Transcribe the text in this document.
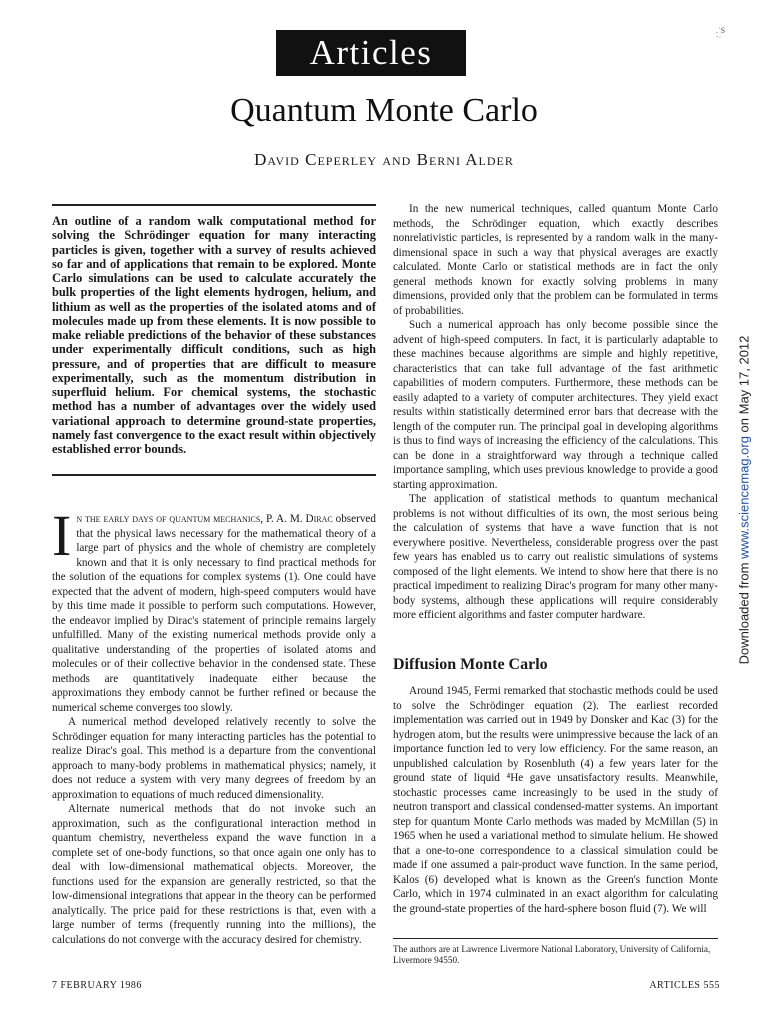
Articles
.˙S
`˙
Quantum Monte Carlo
David Ceperley and Berni Alder

An outline of a random walk computational method for solving the Schrödinger equation for many interacting particles is given, together with a survey of results achieved so far and of applications that remain to be explored. Monte Carlo simulations can be used to calculate accurately the bulk properties of the light elements hydrogen, helium, and lithium as well as the properties of the isolated atoms and of molecules made up from these elements. It is now possible to make reliable predictions of the behavior of these substances under experimentally difficult conditions, such as high pressure, and of properties that are difficult to measure experimentally, such as the momentum distribution in superfluid helium. For chemical systems, the stochastic method has a number of advantages over the widely used variational approach to determine ground-state properties, namely fast convergence to the exact result within objectively established error bounds.

In the early days of quantum mechanics, P. A. M. Dirac observed that the physical laws necessary for the mathematical theory of a large part of physics and the whole of chemistry are completely known and that it is only necessary to find practical methods for the solution of the equations for complex systems (1). One could have expected that the advent of modern, high-speed computers would have by this time made it possible to perform such computations. However, the endeavor implied by Dirac's statement of principle remains largely unfulfilled. Many of the existing numerical methods provide only a qualitative understanding of the properties of isolated atoms and molecules or of their collective behavior in the condensed state. These methods are quantitatively inadequate either because the approximations they embody cannot be further refined or because the numerical scheme converges too slowly.

A numerical method developed relatively recently to solve the Schrödinger equation for many interacting particles has the potential to realize Dirac's goal. This method is a departure from the conventional approach to many-body problems in mathematical physics; namely, it does not reduce a system with very many degrees of freedom by an approximation to equations of much reduced dimensionality.

Alternate numerical methods that do not invoke such an approximation, such as the configurational interaction method in quantum chemistry, nevertheless expand the wave function in a complete set of one-body functions, so that once again one only has to deal with low-dimensional mathematical objects. Moreover, the functions used for the expansion are generally restricted, so that the low-dimensional integrations that appear in the theory can be performed analytically. The price paid for these restrictions is that, even with a large number of terms (frequently running into the millions), the calculations do not converge with the accuracy desired for chemistry.

In the new numerical techniques, called quantum Monte Carlo methods, the Schrödinger equation, which exactly describes nonrelativistic particles, is represented by a random walk in the many-dimensional space in such a way that physical averages are exactly calculated. Monte Carlo or statistical methods are in fact the only general methods known for exactly solving problems in many dimensions, provided only that the problem can be formulated in terms of probabilities.

Such a numerical approach has only become possible since the advent of high-speed computers. In fact, it is particularly adaptable to these machines because algorithms are simple and highly repetitive, characteristics that can take full advantage of the fast arithmetic capabilities of modern computers. Furthermore, these methods can be easily adapted to a variety of computer architectures. They yield exact results within statistically determined error bars that decrease with the length of the computer run. The principal goal in developing algorithms is thus to find ways of increasing the efficiency of the calculations. This can be done in a straightforward way through a technique called importance sampling, which uses previous knowledge to provide a good starting approximation.

The application of statistical methods to quantum mechanical problems is not without difficulties of its own, the most serious being the calculation of systems that have a wave function that is not everywhere positive. Nevertheless, considerable progress over the past few years has enabled us to carry out realistic simulations of systems composed of the light elements. We intend to show here that there is no practical impediment to realizing Dirac's program for many other many-body systems, although these applications will require considerably more efficient algorithms and faster computer hardware.

Diffusion Monte Carlo

Around 1945, Fermi remarked that stochastic methods could be used to solve the Schrödinger equation (2). The earliest recorded implementation was carried out in 1949 by Donsker and Kac (3) for the hydrogen atom, but the results were unimpressive because the lack of an importance function led to very low efficiency. For the same reason, an unpublished calculation by Rosenbluth (4) a few years later for the ground state of liquid ⁴He gave unsatisfactory results. Meanwhile, stochastic processes came increasingly to be used in the study of neutron transport and classical condensed-matter systems. An important step for quantum Monte Carlo methods was maded by McMillan (5) in 1965 when he used a variational method to simulate helium. He showed that a one-to-one correspondence to a classical simulation could be made if one assumed a pair-product wave function. In the same period, Kalos (6) developed what is known as the Green's function Monte Carlo, which in 1974 culminated in an exact algorithm for calculating the ground-state properties of the hard-sphere boson fluid (7). We will

The authors are at Lawrence Livermore National Laboratory, University of California, Livermore 94550.

7 FEBRUARY 1986	ARTICLES 555
Downloaded from www.sciencemag.org on May 17, 2012
